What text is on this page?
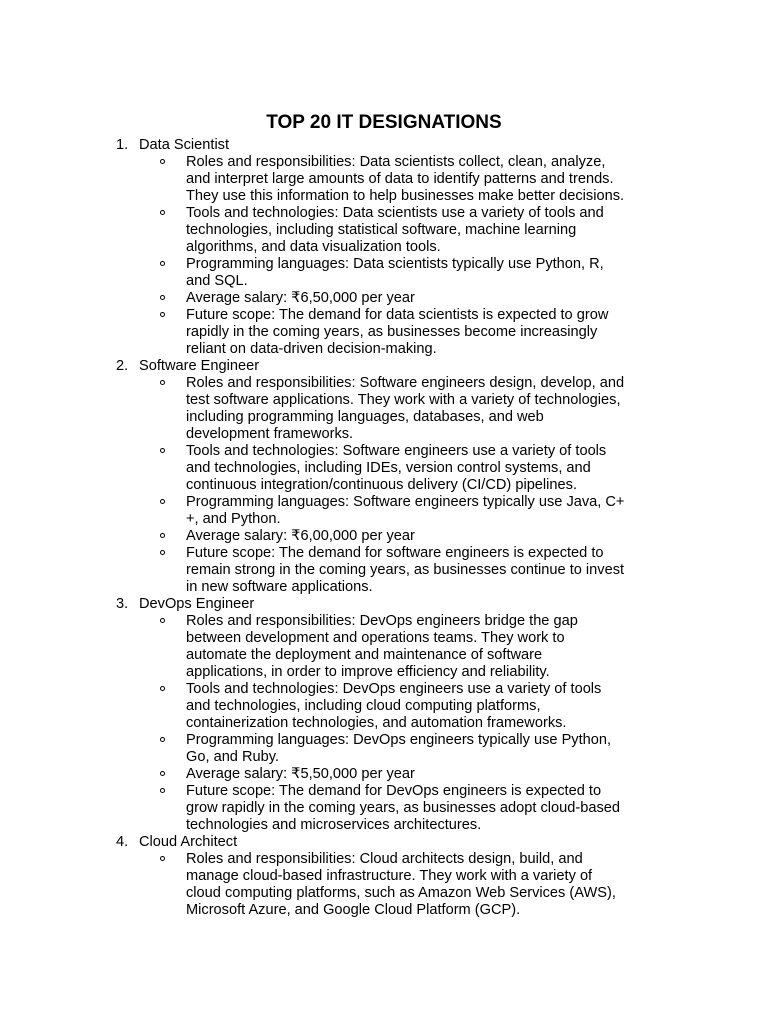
TOP 20 IT DESIGNATIONS
1. Data Scientist
Roles and responsibilities: Data scientists collect, clean, analyze,
and interpret large amounts of data to identify patterns and trends.
They use this information to help businesses make better decisions.
Tools and technologies: Data scientists use a variety of tools and
technologies, including statistical software, machine learning
algorithms, and data visualization tools.
Programming languages: Data scientists typically use Python, R,
and SQL.
Average salary: ₹6,50,000 per year
Future scope: The demand for data scientists is expected to grow
rapidly in the coming years, as businesses become increasingly
reliant on data-driven decision-making.
2. Software Engineer
Roles and responsibilities: Software engineers design, develop, and
test software applications. They work with a variety of technologies,
including programming languages, databases, and web
development frameworks.
Tools and technologies: Software engineers use a variety of tools
and technologies, including IDEs, version control systems, and
continuous integration/continuous delivery (CI/CD) pipelines.
Programming languages: Software engineers typically use Java, C+
+, and Python.
Average salary: ₹6,00,000 per year
Future scope: The demand for software engineers is expected to
remain strong in the coming years, as businesses continue to invest
in new software applications.
3. DevOps Engineer
Roles and responsibilities: DevOps engineers bridge the gap
between development and operations teams. They work to
automate the deployment and maintenance of software
applications, in order to improve efficiency and reliability.
Tools and technologies: DevOps engineers use a variety of tools
and technologies, including cloud computing platforms,
containerization technologies, and automation frameworks.
Programming languages: DevOps engineers typically use Python,
Go, and Ruby.
Average salary: ₹5,50,000 per year
Future scope: The demand for DevOps engineers is expected to
grow rapidly in the coming years, as businesses adopt cloud-based
technologies and microservices architectures.
4. Cloud Architect
Roles and responsibilities: Cloud architects design, build, and
manage cloud-based infrastructure. They work with a variety of
cloud computing platforms, such as Amazon Web Services (AWS),
Microsoft Azure, and Google Cloud Platform (GCP).
